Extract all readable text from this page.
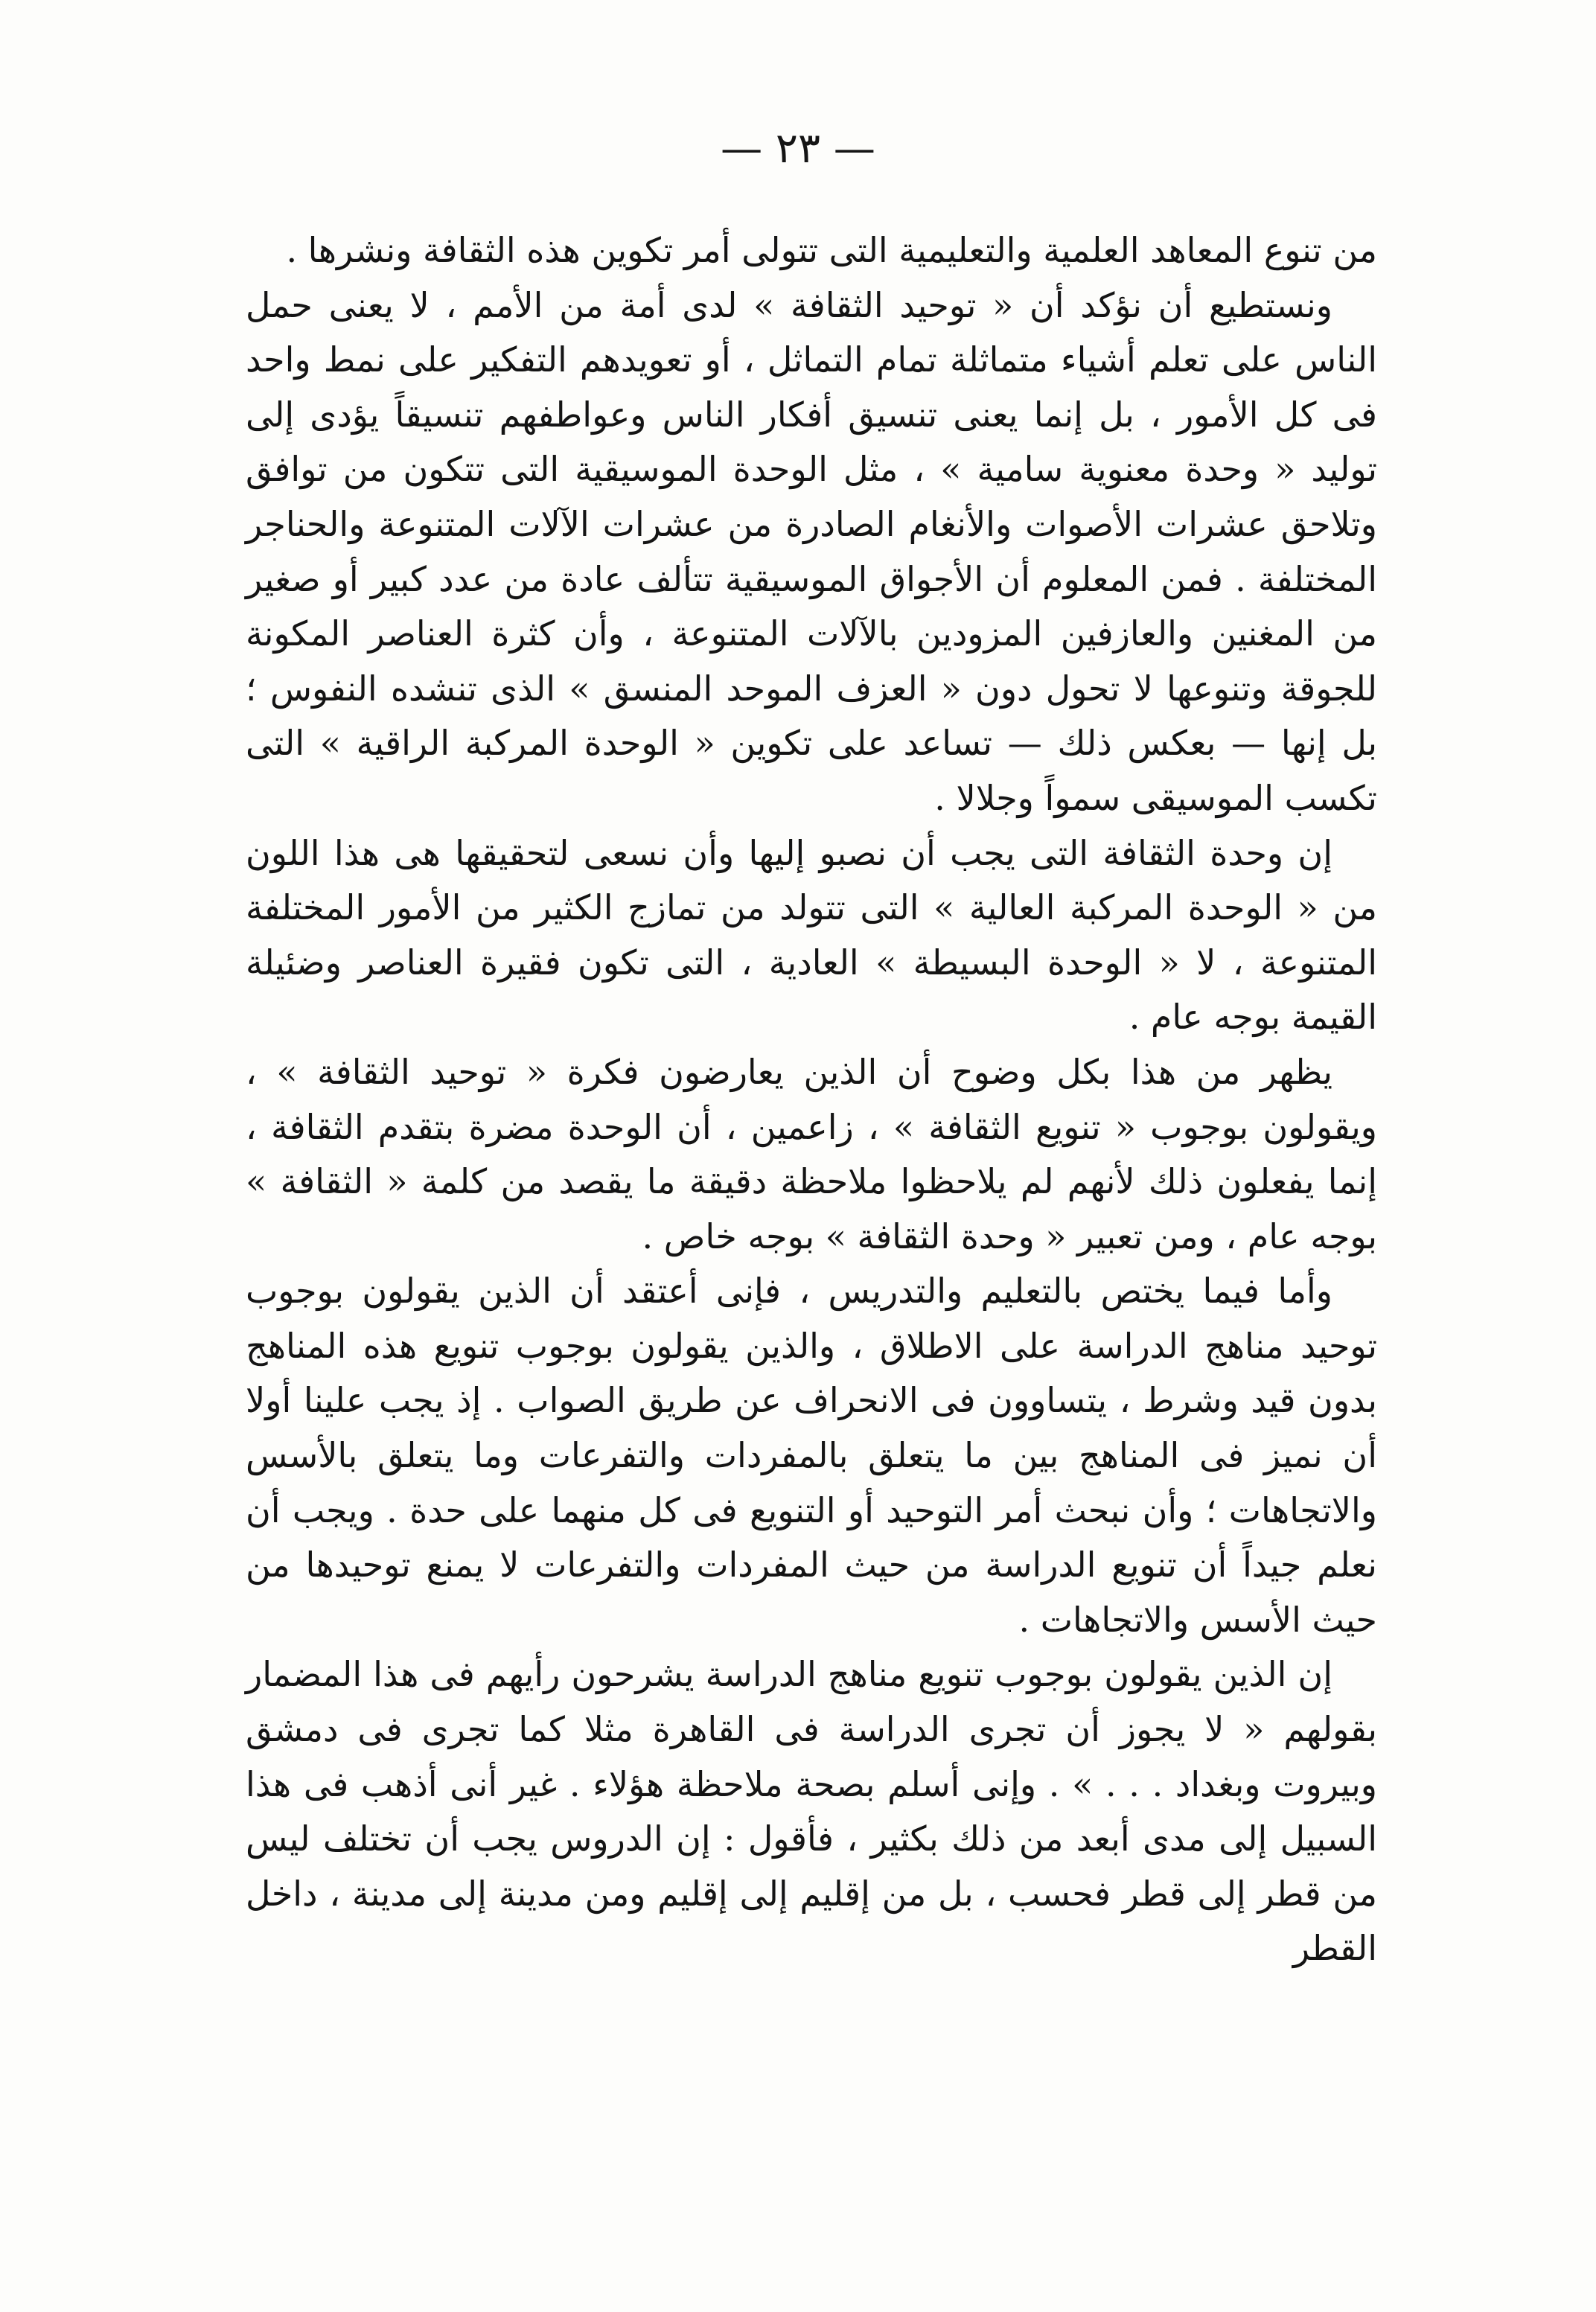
— ٢٣ —

من تنوع المعاهد العلمية والتعليمية التى تتولى أمر تكوين هذه الثقافة ونشرها .

ونستطيع أن نؤكد أن « توحيد الثقافة » لدى أمة من الأمم ، لا يعنى حمل الناس على تعلم أشياء متماثلة تمام التماثل ، أو تعويدهم التفكير على نمط واحد فى كل الأمور ، بل إنما يعنى تنسيق أفكار الناس وعواطفهم تنسيقاً يؤدى إلى توليد « وحدة معنوية سامية » ، مثل الوحدة الموسيقية التى تتكون من توافق وتلاحق عشرات الأصوات والأنغام الصادرة من عشرات الآلات المتنوعة والحناجر المختلفة . فمن المعلوم أن الأجواق الموسيقية تتألف عادة من عدد كبير أو صغير من المغنين والعازفين المزودين بالآلات المتنوعة ، وأن كثرة العناصر المكونة للجوقة وتنوعها لا تحول دون « العزف الموحد المنسق » الذى تنشده النفوس ؛ بل إنها — بعكس ذلك — تساعد على تكوين « الوحدة المركبة الراقية » التى تكسب الموسيقى سمواً وجلالا .

إن وحدة الثقافة التى يجب أن نصبو إليها وأن نسعى لتحقيقها هى هذا اللون من « الوحدة المركبة العالية » التى تتولد من تمازج الكثير من الأمور المختلفة المتنوعة ، لا « الوحدة البسيطة » العادية ، التى تكون فقيرة العناصر وضئيلة القيمة بوجه عام .

يظهر من هذا بكل وضوح أن الذين يعارضون فكرة « توحيد الثقافة » ، ويقولون بوجوب « تنويع الثقافة » ، زاعمين ، أن الوحدة مضرة بتقدم الثقافة ، إنما يفعلون ذلك لأنهم لم يلاحظوا ملاحظة دقيقة ما يقصد من كلمة « الثقافة » بوجه عام ، ومن تعبير « وحدة الثقافة » بوجه خاص .

وأما فيما يختص بالتعليم والتدريس ، فإنى أعتقد أن الذين يقولون بوجوب توحيد مناهج الدراسة على الاطلاق ، والذين يقولون بوجوب تنويع هذه المناهج بدون قيد وشرط ، يتساوون فى الانحراف عن طريق الصواب . إذ يجب علينا أولا أن نميز فى المناهج بين ما يتعلق بالمفردات والتفرعات وما يتعلق بالأسس والاتجاهات ؛ وأن نبحث أمر التوحيد أو التنويع فى كل منهما على حدة . ويجب أن نعلم جيداً أن تنويع الدراسة من حيث المفردات والتفرعات لا يمنع توحيدها من حيث الأسس والاتجاهات .

إن الذين يقولون بوجوب تنويع مناهج الدراسة يشرحون رأيهم فى هذا المضمار بقولهم « لا يجوز أن تجرى الدراسة فى القاهرة مثلا كما تجرى فى دمشق وبيروت وبغداد . . . » . وإنى أسلم بصحة ملاحظة هؤلاء . غير أنى أذهب فى هذا السبيل إلى مدى أبعد من ذلك بكثير ، فأقول : إن الدروس يجب أن تختلف ليس من قطر إلى قطر فحسب ، بل من إقليم إلى إقليم ومن مدينة إلى مدينة ، داخل القطر
